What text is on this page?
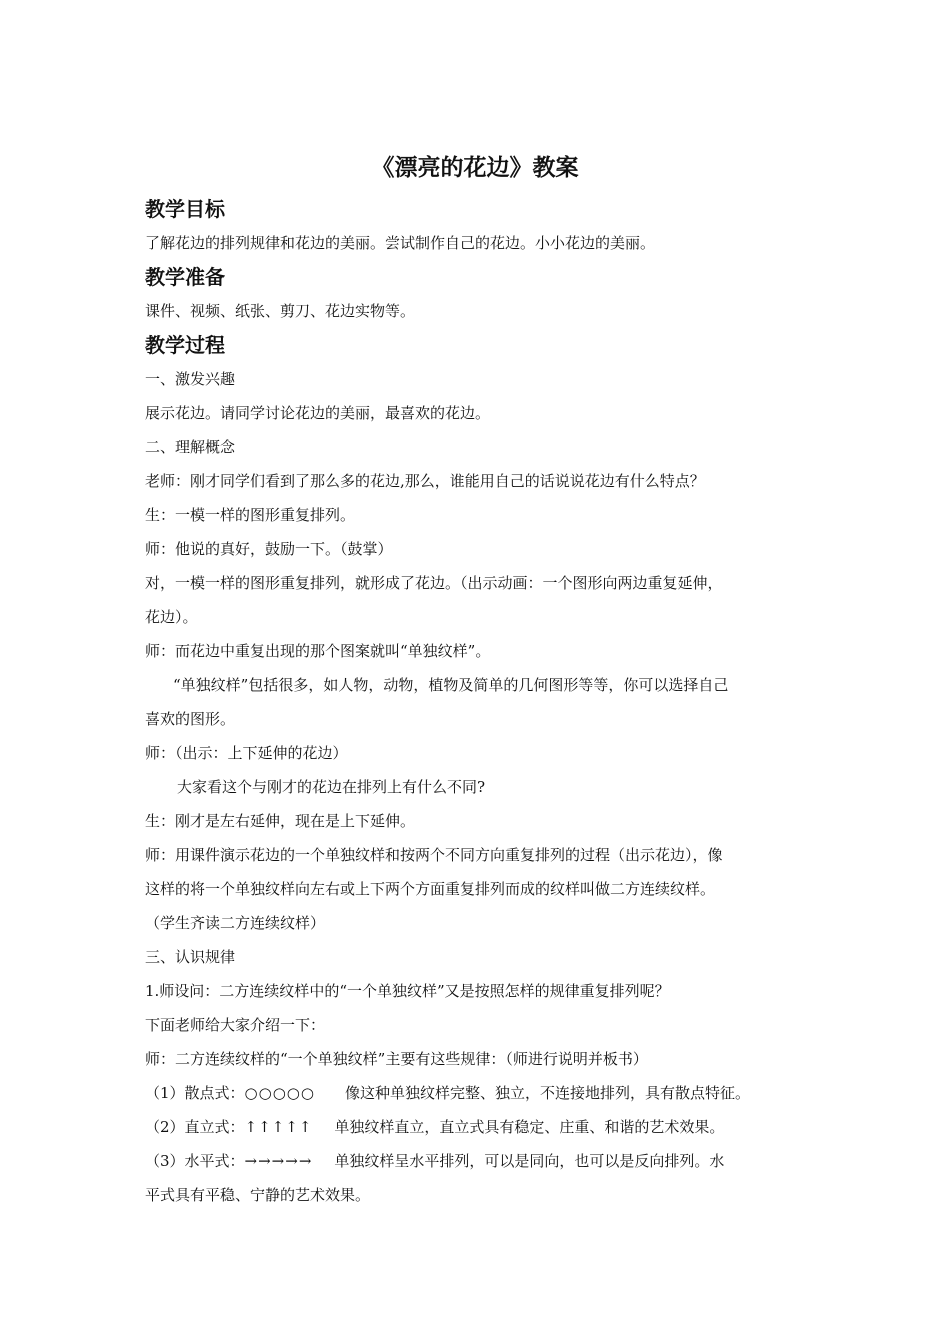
《漂亮的花边》教案
教学目标

了解花边的排列规律和花边的美丽。尝试制作自己的花边。小小花边的美丽。

教学准备

课件、视频、纸张、剪刀、花边实物等。

教学过程

一、激发兴趣

展示花边。请同学讨论花边的美丽，最喜欢的花边。

二、理解概念

老师：刚才同学们看到了那么多的花边,那么，谁能用自己的话说说花边有什么特点？

生：一模一样的图形重复排列。

师：他说的真好，鼓励一下。（鼓掌）

对，一模一样的图形重复排列，就形成了花边。（出示动画：一个图形向两边重复延伸，

花边）。

师：而花边中重复出现的那个图案就叫“单独纹样”。

“单独纹样”包括很多，如人物，动物，植物及简单的几何图形等等，你可以选择自己

喜欢的图形。

师：（出示：上下延伸的花边）

大家看这个与刚才的花边在排列上有什么不同?

生：刚才是左右延伸，现在是上下延伸。

师：用课件演示花边的一个单独纹样和按两个不同方向重复排列的过程（出示花边），像

这样的将一个单独纹样向左右或上下两个方面重复排列而成的纹样叫做二方连续纹样。

（学生齐读二方连续纹样）

三、认识规律

1.师设问：二方连续纹样中的“一个单独纹样”又是按照怎样的规律重复排列呢？

下面老师给大家介绍一下：

师：二方连续纹样的“一个单独纹样”主要有这些规律：（师进行说明并板书）

（1）散点式：○○○○○ 像这种单独纹样完整、独立，不连接地排列，具有散点特征。

（2）直立式：↑↑↑↑↑ 单独纹样直立，直立式具有稳定、庄重、和谐的艺术效果。

（3）水平式：→→→→→ 单独纹样呈水平排列，可以是同向，也可以是反向排列。水

平式具有平稳、宁静的艺术效果。
